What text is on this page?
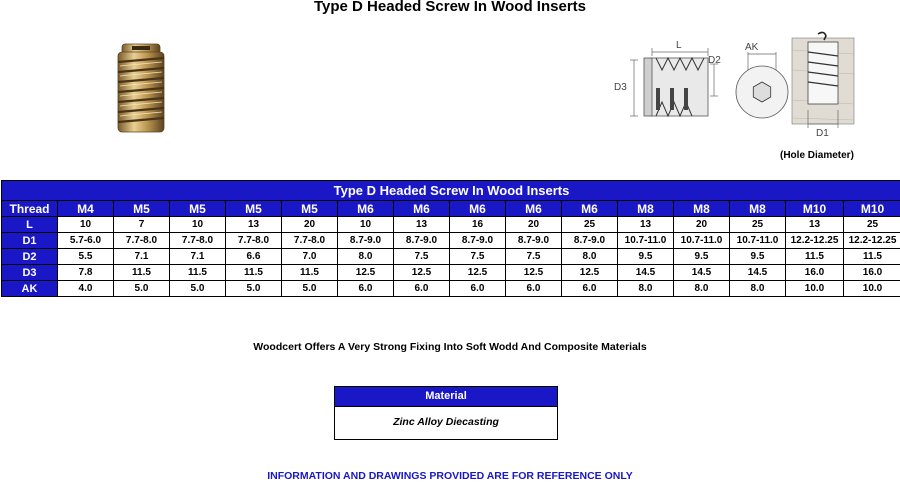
Type D Headed Screw In Wood Inserts
L
D3
D2
AK
D1
(Hole Diameter)
Type D Headed Screw In Wood Inserts															
Thread	M4	M5	M5	M5	M5	M6	M6	M6	M6	M6	M8	M8	M8	M10	M10
L	10	7	10	13	20	10	13	16	20	25	13	20	25	13	25
D1	5.7-6.0	7.7-8.0	7.7-8.0	7.7-8.0	7.7-8.0	8.7-9.0	8.7-9.0	8.7-9.0	8.7-9.0	8.7-9.0	10.7-11.0	10.7-11.0	10.7-11.0	12.2-12.25	12.2-12.25
D2	5.5	7.1	7.1	6.6	7.0	8.0	7.5	7.5	7.5	8.0	9.5	9.5	9.5	11.5	11.5
D3	7.8	11.5	11.5	11.5	11.5	12.5	12.5	12.5	12.5	12.5	14.5	14.5	14.5	16.0	16.0
AK	4.0	5.0	5.0	5.0	5.0	6.0	6.0	6.0	6.0	6.0	8.0	8.0	8.0	10.0	10.0
Woodcert Offers A Very Strong Fixing Into Soft Wodd And Composite Materials
Material
Zinc Alloy Diecasting
INFORMATION AND DRAWINGS PROVIDED ARE FOR REFERENCE ONLY
